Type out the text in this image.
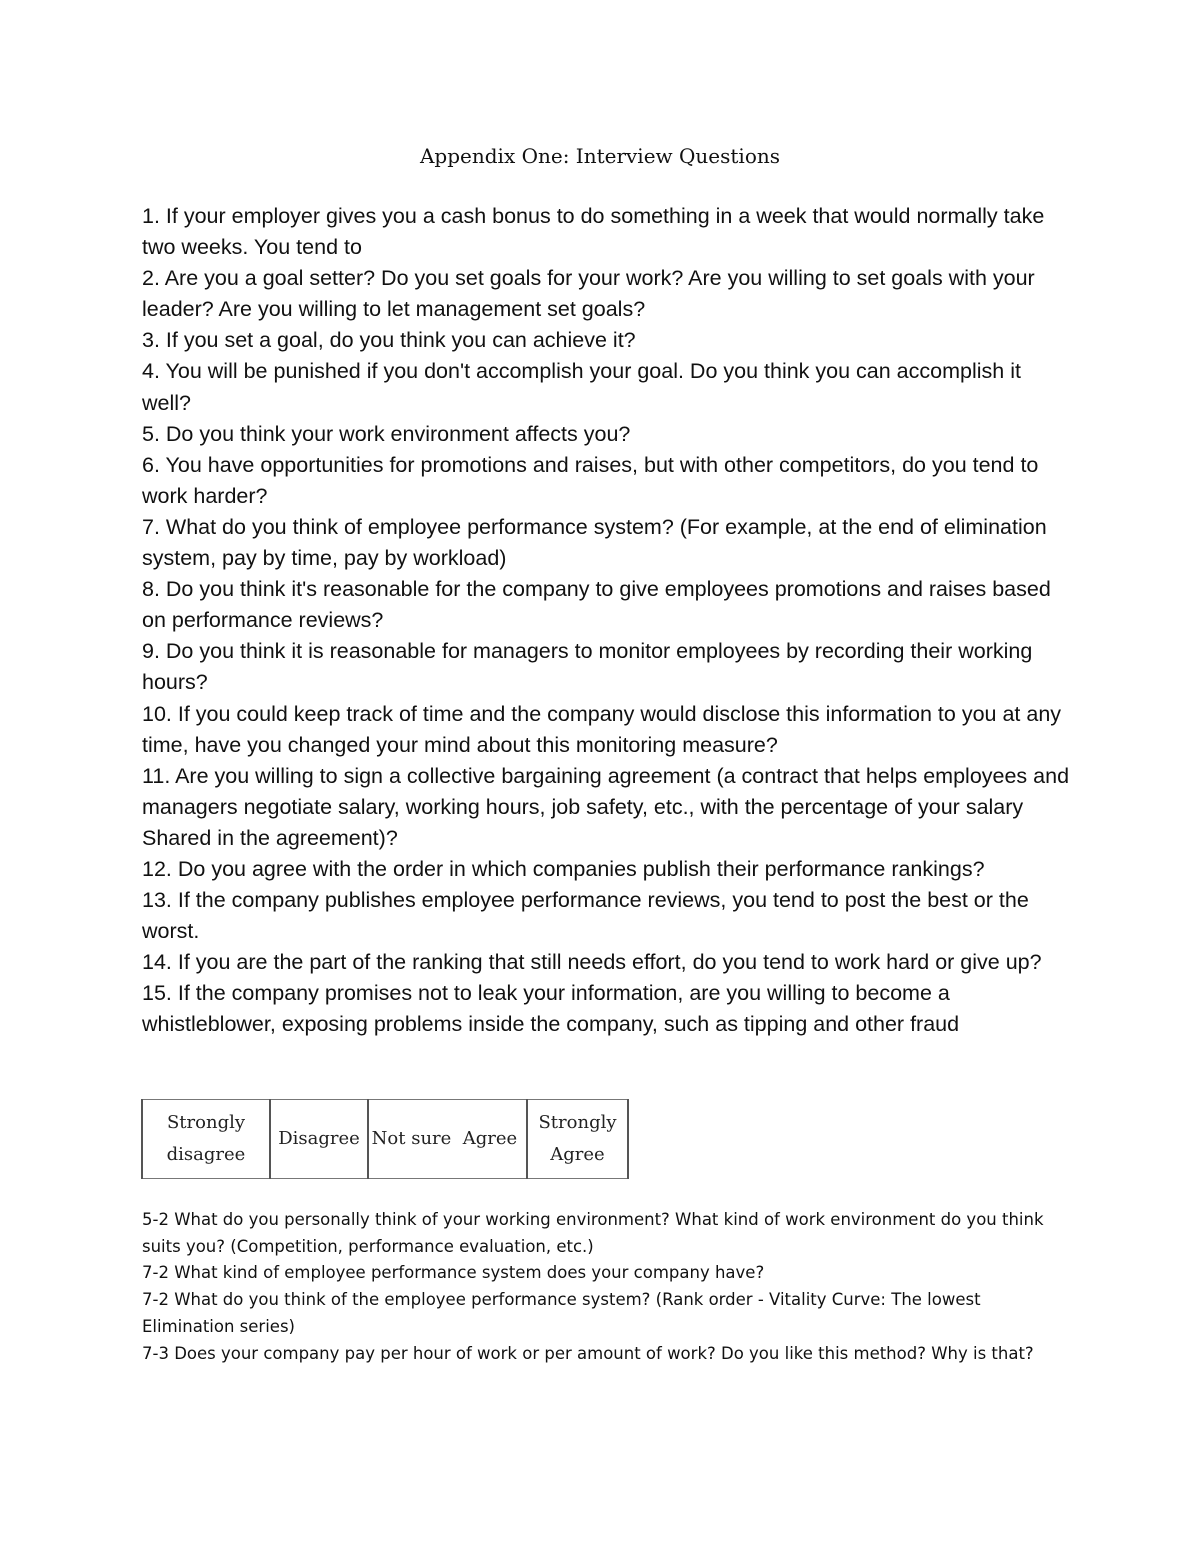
Appendix One: Interview Questions
1. If your employer gives you a cash bonus to do something in a week that would normally take two weeks. You tend to
2. Are you a goal setter? Do you set goals for your work? Are you willing to set goals with your leader? Are you willing to let management set goals?
3. If you set a goal, do you think you can achieve it?
4. You will be punished if you don't accomplish your goal. Do you think you can accomplish it well?
5. Do you think your work environment affects you?
6. You have opportunities for promotions and raises, but with other competitors, do you tend to work harder?
7. What do you think of employee performance system? (For example, at the end of elimination system, pay by time, pay by workload)
8. Do you think it's reasonable for the company to give employees promotions and raises based on performance reviews?
9. Do you think it is reasonable for managers to monitor employees by recording their working hours?
10. If you could keep track of time and the company would disclose this information to you at any time, have you changed your mind about this monitoring measure?
11. Are you willing to sign a collective bargaining agreement (a contract that helps employees and managers negotiate salary, working hours, job safety, etc., with the percentage of your salary Shared in the agreement)?
12. Do you agree with the order in which companies publish their performance rankings?
13. If the company publishes employee performance reviews, you tend to post the best or the worst.
14. If you are the part of the ranking that still needs effort, do you tend to work hard or give up?
15. If the company promises not to leak your information, are you willing to become a whistleblower, exposing problems inside the company, such as tipping and other fraud
Strongly disagree	Disagree	Not sure	Agree	Strongly Agree
5-2 What do you personally think of your working environment? What kind of work environment do you think suits you? (Competition, performance evaluation, etc.)
7-2 What kind of employee performance system does your company have?
7-2 What do you think of the employee performance system? (Rank order - Vitality Curve: The lowest Elimination series)
7-3 Does your company pay per hour of work or per amount of work? Do you like this method? Why is that?
